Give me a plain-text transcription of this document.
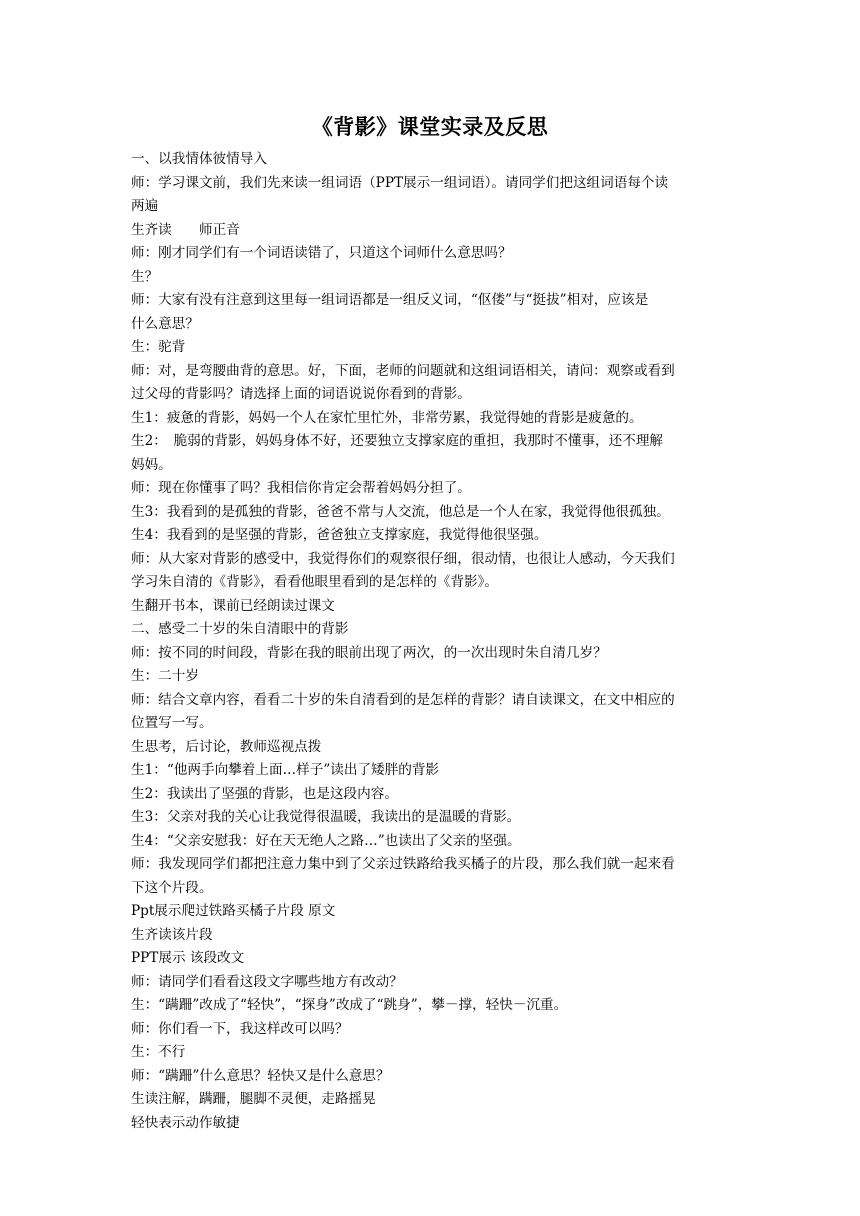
《背影》课堂实录及反思
一、以我情体彼情导入
师：学习课文前，我们先来读一组词语（PPT展示一组词语）。请同学们把这组词语每个读
两遍
生齐读　　师正音
师：刚才同学们有一个词语读错了，只道这个词师什么意思吗？
生？
师：大家有没有注意到这里每一组词语都是一组反义词，“伛偻”与“挺拔”相对，应该是
什么意思？
生：驼背
师：对，是弯腰曲背的意思。好，下面，老师的问题就和这组词语相关，请问：观察或看到
过父母的背影吗？请选择上面的词语说说你看到的背影。
生1：疲惫的背影，妈妈一个人在家忙里忙外，非常劳累，我觉得她的背影是疲惫的。
生2：　脆弱的背影，妈妈身体不好，还要独立支撑家庭的重担，我那时不懂事，还不理解
妈妈。
师：现在你懂事了吗？我相信你肯定会帮着妈妈分担了。
生3：我看到的是孤独的背影，爸爸不常与人交流，他总是一个人在家，我觉得他很孤独。
生4：我看到的是坚强的背影，爸爸独立支撑家庭，我觉得他很坚强。
师：从大家对背影的感受中，我觉得你们的观察很仔细，很动情，也很让人感动，今天我们
学习朱自清的《背影》，看看他眼里看到的是怎样的《背影》。
生翻开书本，课前已经朗读过课文
二、感受二十岁的朱自清眼中的背影
师：按不同的时间段，背影在我的眼前出现了两次，的一次出现时朱自清几岁？
生：二十岁
师：结合文章内容，看看二十岁的朱自清看到的是怎样的背影？请自读课文，在文中相应的
位置写一写。
生思考，后讨论，教师巡视点拨
生1：“他两手向攀着上面…样子”读出了矮胖的背影
生2：我读出了坚强的背影，也是这段内容。
生3：父亲对我的关心让我觉得很温暖，我读出的是温暖的背影。
生4：“父亲安慰我：好在天无绝人之路…”也读出了父亲的坚强。
师：我发现同学们都把注意力集中到了父亲过铁路给我买橘子的片段，那么我们就一起来看
下这个片段。
Ppt展示爬过铁路买橘子片段 原文
生齐读该片段
PPT展示 该段改文
师：请同学们看看这段文字哪些地方有改动？
生：“蹒跚”改成了“轻快”，“探身”改成了“跳身”，攀－撑，轻快－沉重。
师：你们看一下，我这样改可以吗？
生：不行
师：“蹒跚”什么意思？轻快又是什么意思？
生读注解，蹒跚，腿脚不灵便，走路摇晃
轻快表示动作敏捷
